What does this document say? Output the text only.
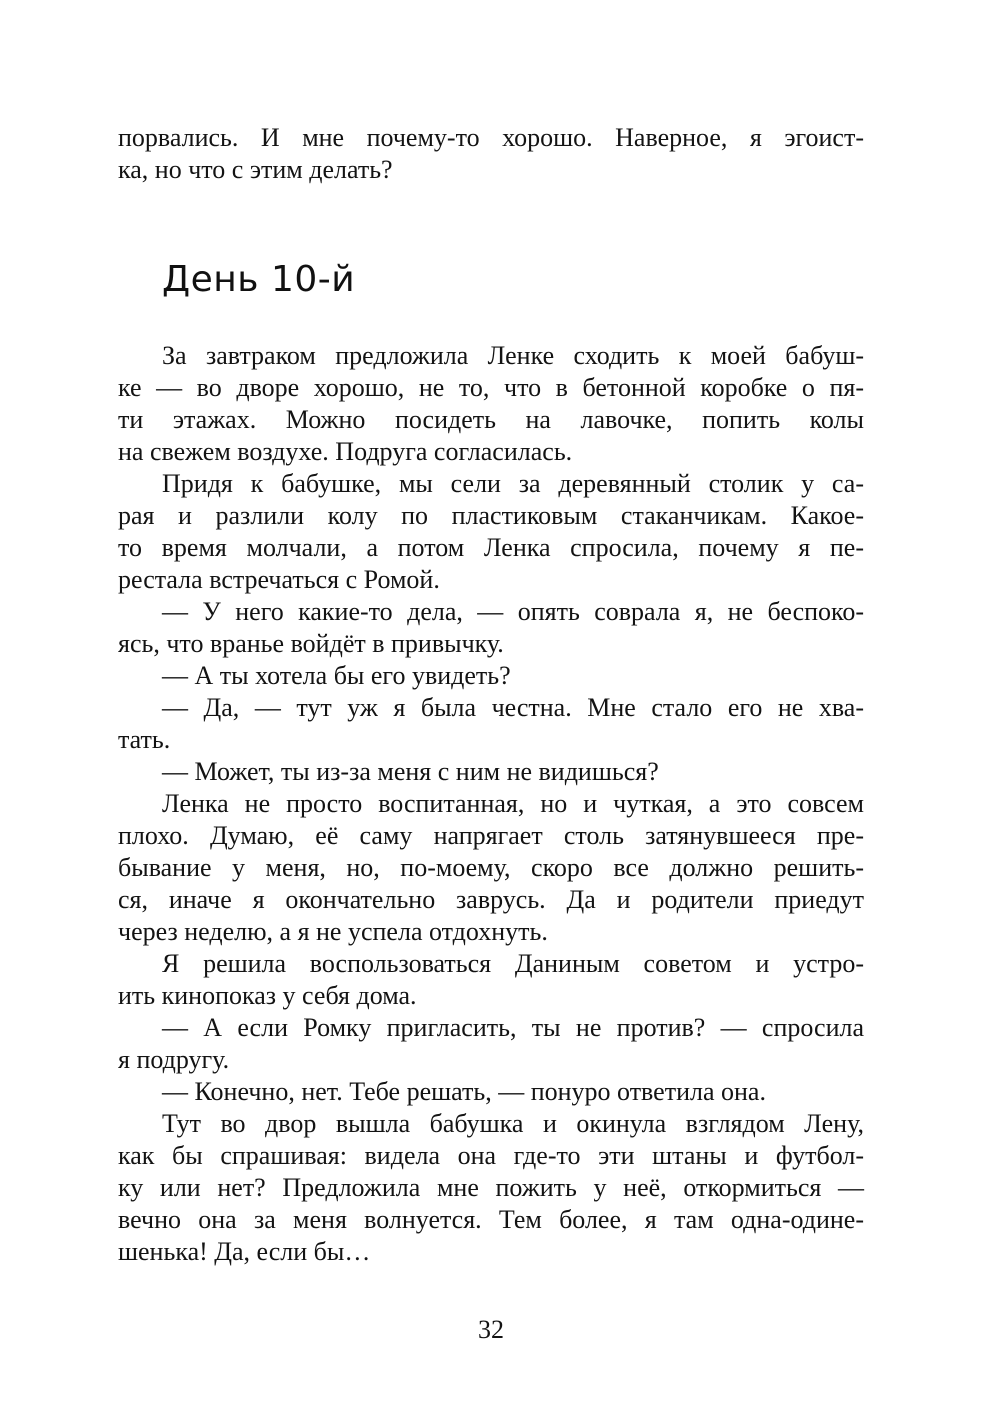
порвались. И мне почему-то хорошо. Наверное, я эгоист-
ка, но что с этим делать?
День 10-й
За завтраком предложила Ленке сходить к моей бабуш-
ке — во дворе хорошо, не то, что в бетонной коробке о пя-
ти этажах. Можно посидеть на лавочке, попить колы
на свежем воздухе. Подруга согласилась.
Придя к бабушке, мы сели за деревянный столик у са-
рая и разлили колу по пластиковым стаканчикам. Какое-
то время молчали, а потом Ленка спросила, почему я пе-
рестала встречаться с Ромой.
— У него какие-то дела, — опять соврала я, не беспоко-
ясь, что вранье войдёт в привычку.
— А ты хотела бы его увидеть?
— Да, — тут уж я была честна. Мне стало его не хва-
тать.
— Может, ты из-за меня с ним не видишься?
Ленка не просто воспитанная, но и чуткая, а это совсем
плохо. Думаю, её саму напрягает столь затянувшееся пре-
бывание у меня, но, по-моему, скоро все должно решить-
ся, иначе я окончательно заврусь. Да и родители приедут
через неделю, а я не успела отдохнуть.
Я решила воспользоваться Даниным советом и устро-
ить кинопоказ у себя дома.
— А если Ромку пригласить, ты не против? — спросила
я подругу.
— Конечно, нет. Тебе решать, — понуро ответила она.
Тут во двор вышла бабушка и окинула взглядом Лену,
как бы спрашивая: видела она где-то эти штаны и футбол-
ку или нет? Предложила мне пожить у неё, откормиться —
вечно она за меня волнуется. Тем более, я там одна-одине-
шенька! Да, если бы…
32
